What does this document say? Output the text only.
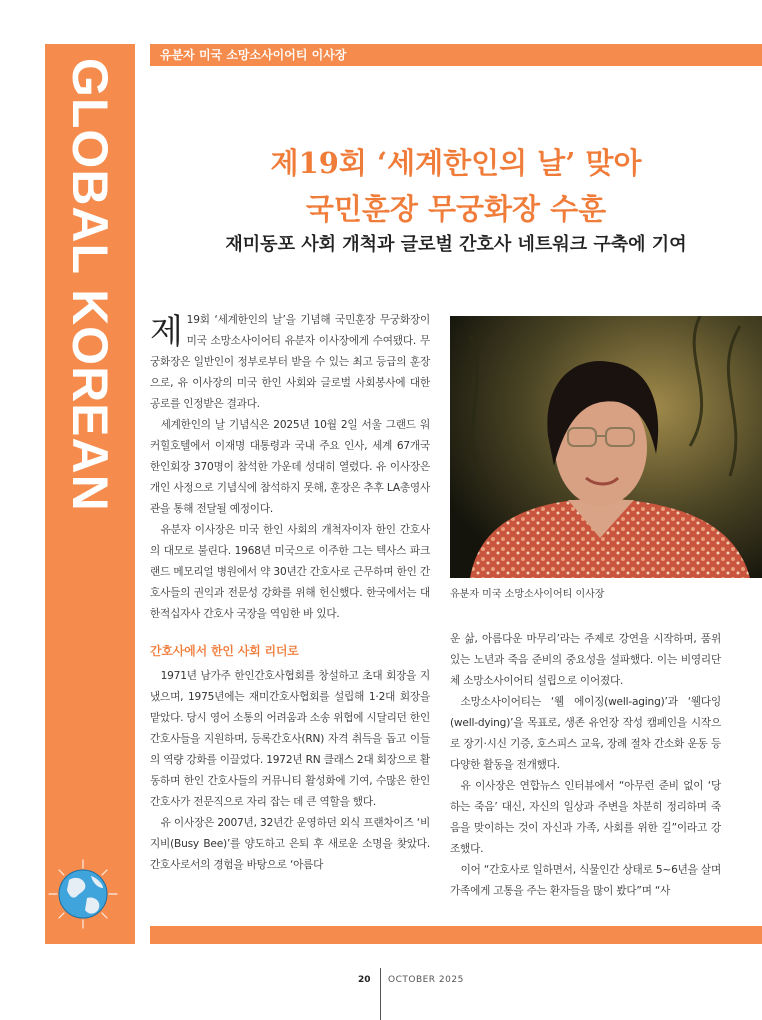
GLOBAL KOREAN
유분자 미국 소망소사이어티 이사장
제19회 ‘세계한인의 날’ 맞아
국민훈장 무궁화장 수훈
재미동포 사회 개척과 글로벌 간호사 네트워크 구축에 기여

제 19회 ‘세계한인의 날’을 기념해 국민훈장 무궁화장이 미국 소망소사이어티 유분자 이사장에게 수여됐다. 무궁화장은 일반인이 정부로부터 받을 수 있는 최고 등급의 훈장으로, 유 이사장의 미국 한인 사회와 글로벌 사회봉사에 대한 공로를 인정받은 결과다.

세계한인의 날 기념식은 2025년 10월 2일 서울 그랜드 워커힐호텔에서 이재명 대통령과 국내 주요 인사, 세계 67개국 한인회장 370명이 참석한 가운데 성대히 열렸다. 유 이사장은 개인 사정으로 기념식에 참석하지 못해, 훈장은 추후 LA총영사관을 통해 전달될 예정이다.

유분자 이사장은 미국 한인 사회의 개척자이자 한인 간호사의 대모로 불린다. 1968년 미국으로 이주한 그는 텍사스 파크랜드 메모리얼 병원에서 약 30년간 간호사로 근무하며 한인 간호사들의 권익과 전문성 강화를 위해 헌신했다. 한국에서는 대한적십자사 간호사 국장을 역임한 바 있다.

간호사에서 한인 사회 리더로

1971년 남가주 한인간호사협회를 창설하고 초대 회장을 지냈으며, 1975년에는 재미간호사협회를 설립해 1·2대 회장을 맡았다. 당시 영어 소통의 어려움과 소송 위협에 시달리던 한인 간호사들을 지원하며, 등록간호사(RN) 자격 취득을 돕고 이들의 역량 강화를 이끌었다. 1972년 RN 클래스 2대 회장으로 활동하며 한인 간호사들의 커뮤니티 활성화에 기여, 수많은 한인 간호사가 전문직으로 자리 잡는 데 큰 역할을 했다.

유 이사장은 2007년, 32년간 운영하던 외식 프랜차이즈 ‘비지비(Busy Bee)’를 양도하고 은퇴 후 새로운 소명을 찾았다. 간호사로서의 경험을 바탕으로 ‘아름다

유분자 미국 소망소사이어티 이사장

운 삶, 아름다운 마무리’라는 주제로 강연을 시작하며, 품위 있는 노년과 죽음 준비의 중요성을 설파했다. 이는 비영리단체 소망소사이어티 설립으로 이어졌다.

소망소사이어티는 ‘웰 에이징(well-aging)’과 ‘웰다잉(well-dying)’을 목표로, 생존 유언장 작성 캠페인을 시작으로 장기·시신 기증, 호스피스 교육, 장례 절차 간소화 운동 등 다양한 활동을 전개했다.

유 이사장은 연합뉴스 인터뷰에서 “아무런 준비 없이 ‘당하는 죽음’ 대신, 자신의 일상과 주변을 차분히 정리하며 죽음을 맞이하는 것이 자신과 가족, 사회를 위한 길”이라고 강조했다.

이어 “간호사로 일하면서, 식물인간 상태로 5~6년을 살며 가족에게 고통을 주는 환자들을 많이 봤다”며 “사

20 OCTOBER 2025
